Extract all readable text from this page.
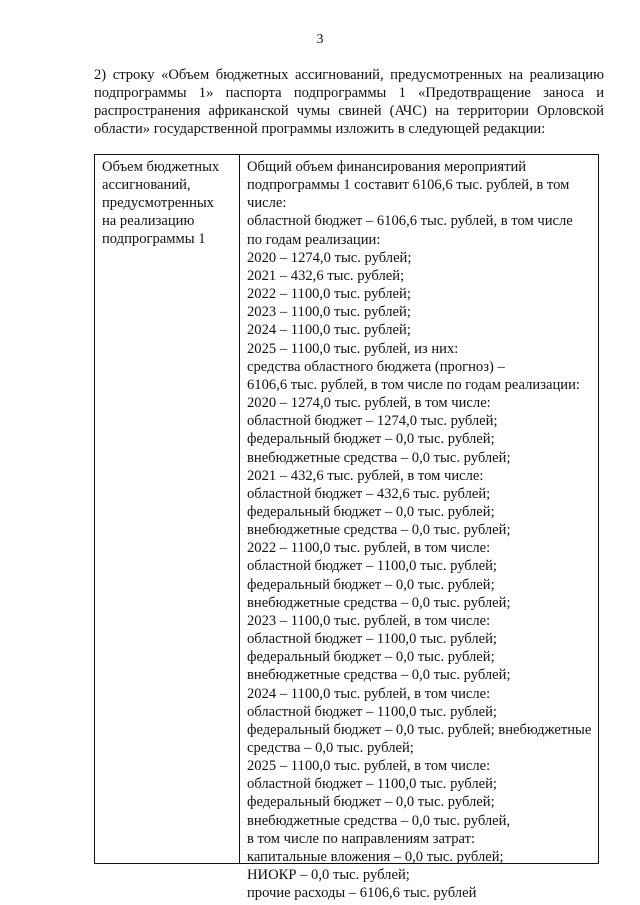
3
2) строку «Объем бюджетных ассигнований, предусмотренных на реализацию подпрограммы 1» паспорта подпрограммы 1 «Предотвращение заноса и распространения африканской чумы свиней (АЧС) на территории Орловской области» государственной программы изложить в следующей редакции:
Объем бюджетных
ассигнований,
предусмотренных
на реализацию
подпрограммы 1
Общий объем финансирования мероприятий
подпрограммы 1 составит 6106,6 тыс. рублей, в том
числе:
областной бюджет – 6106,6 тыс. рублей, в том числе
по годам реализации:
2020 – 1274,0 тыс. рублей;
2021 – 432,6 тыс. рублей;
2022 – 1100,0 тыс. рублей;
2023 – 1100,0 тыс. рублей;
2024 – 1100,0 тыс. рублей;
2025 – 1100,0 тыс. рублей, из них:
средства областного бюджета (прогноз) –
6106,6 тыс. рублей, в том числе по годам реализации:
2020 – 1274,0 тыс. рублей, в том числе:
областной бюджет – 1274,0 тыс. рублей;
федеральный бюджет – 0,0 тыс. рублей;
внебюджетные средства – 0,0 тыс. рублей;
2021 – 432,6 тыс. рублей, в том числе:
областной бюджет – 432,6 тыс. рублей;
федеральный бюджет – 0,0 тыс. рублей;
внебюджетные средства – 0,0 тыс. рублей;
2022 – 1100,0 тыс. рублей, в том числе:
областной бюджет – 1100,0 тыс. рублей;
федеральный бюджет – 0,0 тыс. рублей;
внебюджетные средства – 0,0 тыс. рублей;
2023 – 1100,0 тыс. рублей, в том числе:
областной бюджет – 1100,0 тыс. рублей;
федеральный бюджет – 0,0 тыс. рублей;
внебюджетные средства – 0,0 тыс. рублей;
2024 – 1100,0 тыс. рублей, в том числе:
областной бюджет – 1100,0 тыс. рублей;
федеральный бюджет – 0,0 тыс. рублей; внебюджетные
средства – 0,0 тыс. рублей;
2025 – 1100,0 тыс. рублей, в том числе:
областной бюджет – 1100,0 тыс. рублей;
федеральный бюджет – 0,0 тыс. рублей;
внебюджетные средства – 0,0 тыс. рублей,
в том числе по направлениям затрат:
капитальные вложения – 0,0 тыс. рублей;
НИОКР – 0,0 тыс. рублей;
прочие расходы – 6106,6 тыс. рублей
